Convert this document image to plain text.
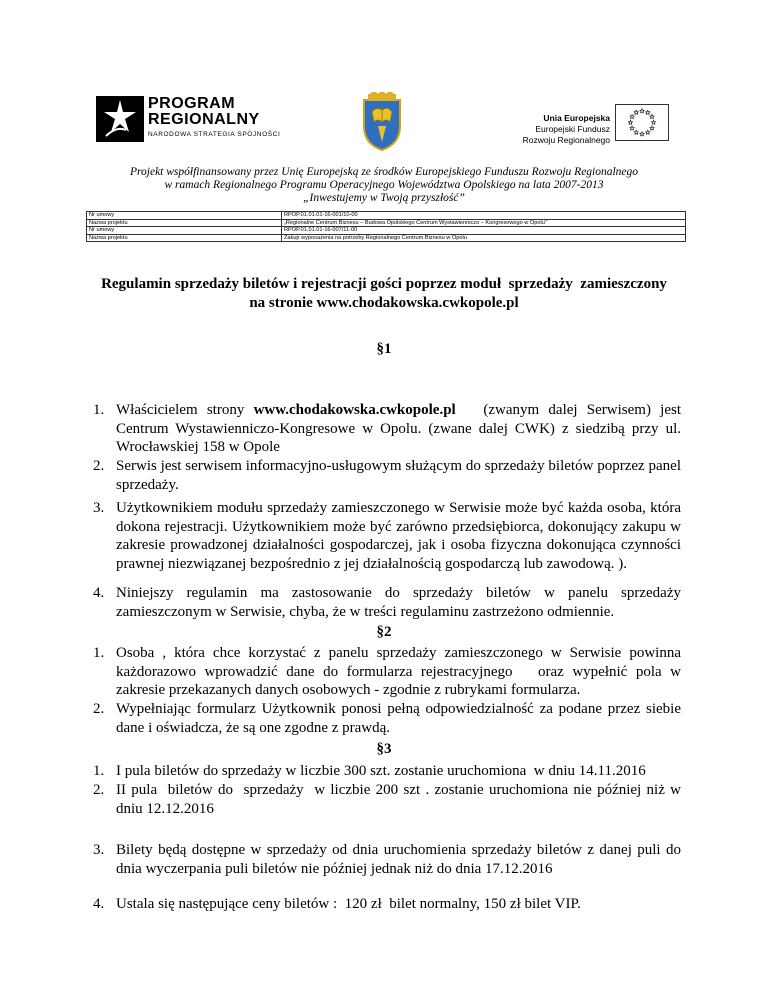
PROGRAM
REGIONALNY
NARODOWA STRATEGIA SPÓJNOŚCI
Unia Europejska
Europejski Fundusz
Rozwoju Regionalnego
Projekt współfinansowany przez Unię Europejską ze środków Europejskiego Funduszu Rozwoju Regionalnego
w ramach Regionalnego Programu Operacyjnego Województwa Opolskiego na lata 2007-2013
„Inwestujemy w Twoją przyszłość”
Nr umowy	RPOP.01.01.01-16-001/10-00
Nazwa projektu	„Regionalne Centrum Biznesu – Budowa Opolskiego Centrum Wystawienniczo – Kongresowego w Opolu”
Nr umowy	RPOP.01.01.01-16-007/11-00
Nazwa projektu	Zakup wyposażenia na potrzeby Regionalnego Centrum Biznesu w Opolu
Regulamin sprzedaży biletów i rejestracji gości poprzez moduł  sprzedaży  zamieszczony
na stronie www.chodakowska.cwkopole.pl
§1
1. Właścicielem strony www.chodakowska.cwkopole.pl   (zwanym dalej Serwisem) jest Centrum Wystawienniczo-Kongresowe w Opolu. (zwane dalej CWK) z siedzibą przy ul. Wrocławskiej 158 w Opole
2. Serwis jest serwisem informacyjno-usługowym służącym do sprzedaży biletów poprzez panel sprzedaży.
3. Użytkownikiem modułu sprzedaży zamieszczonego w Serwisie może być każda osoba, która dokona rejestracji. Użytkownikiem może być zarówno przedsiębiorca, dokonujący zakupu w zakresie prowadzonej działalności gospodarczej, jak i osoba fizyczna dokonująca czynności prawnej niezwiązanej bezpośrednio z jej działalnością gospodarczą lub zawodową. ).
4. Niniejszy regulamin ma zastosowanie do sprzedaży biletów w panelu sprzedaży zamieszczonym w Serwisie, chyba, że w treści regulaminu zastrzeżono odmiennie.
§2
1. Osoba , która chce korzystać z panelu sprzedaży zamieszczonego w Serwisie powinna każdorazowo wprowadzić dane do formularza rejestracyjnego   oraz wypełnić pola w zakresie przekazanych danych osobowych - zgodnie z rubrykami formularza.
2. Wypełniając formularz Użytkownik ponosi pełną odpowiedzialność za podane przez siebie dane i oświadcza, że są one zgodne z prawdą.
§3
1. I pula biletów do sprzedaży w liczbie 300 szt. zostanie uruchomiona  w dniu 14.11.2016
2. II pula  biletów do  sprzedaży  w liczbie 200 szt . zostanie uruchomiona nie później niż w dniu 12.12.2016
3. Bilety będą dostępne w sprzedaży od dnia uruchomienia sprzedaży biletów z danej puli do dnia wyczerpania puli biletów nie później jednak niż do dnia 17.12.2016
4. Ustala się następujące ceny biletów :  120 zł  bilet normalny, 150 zł bilet VIP.
